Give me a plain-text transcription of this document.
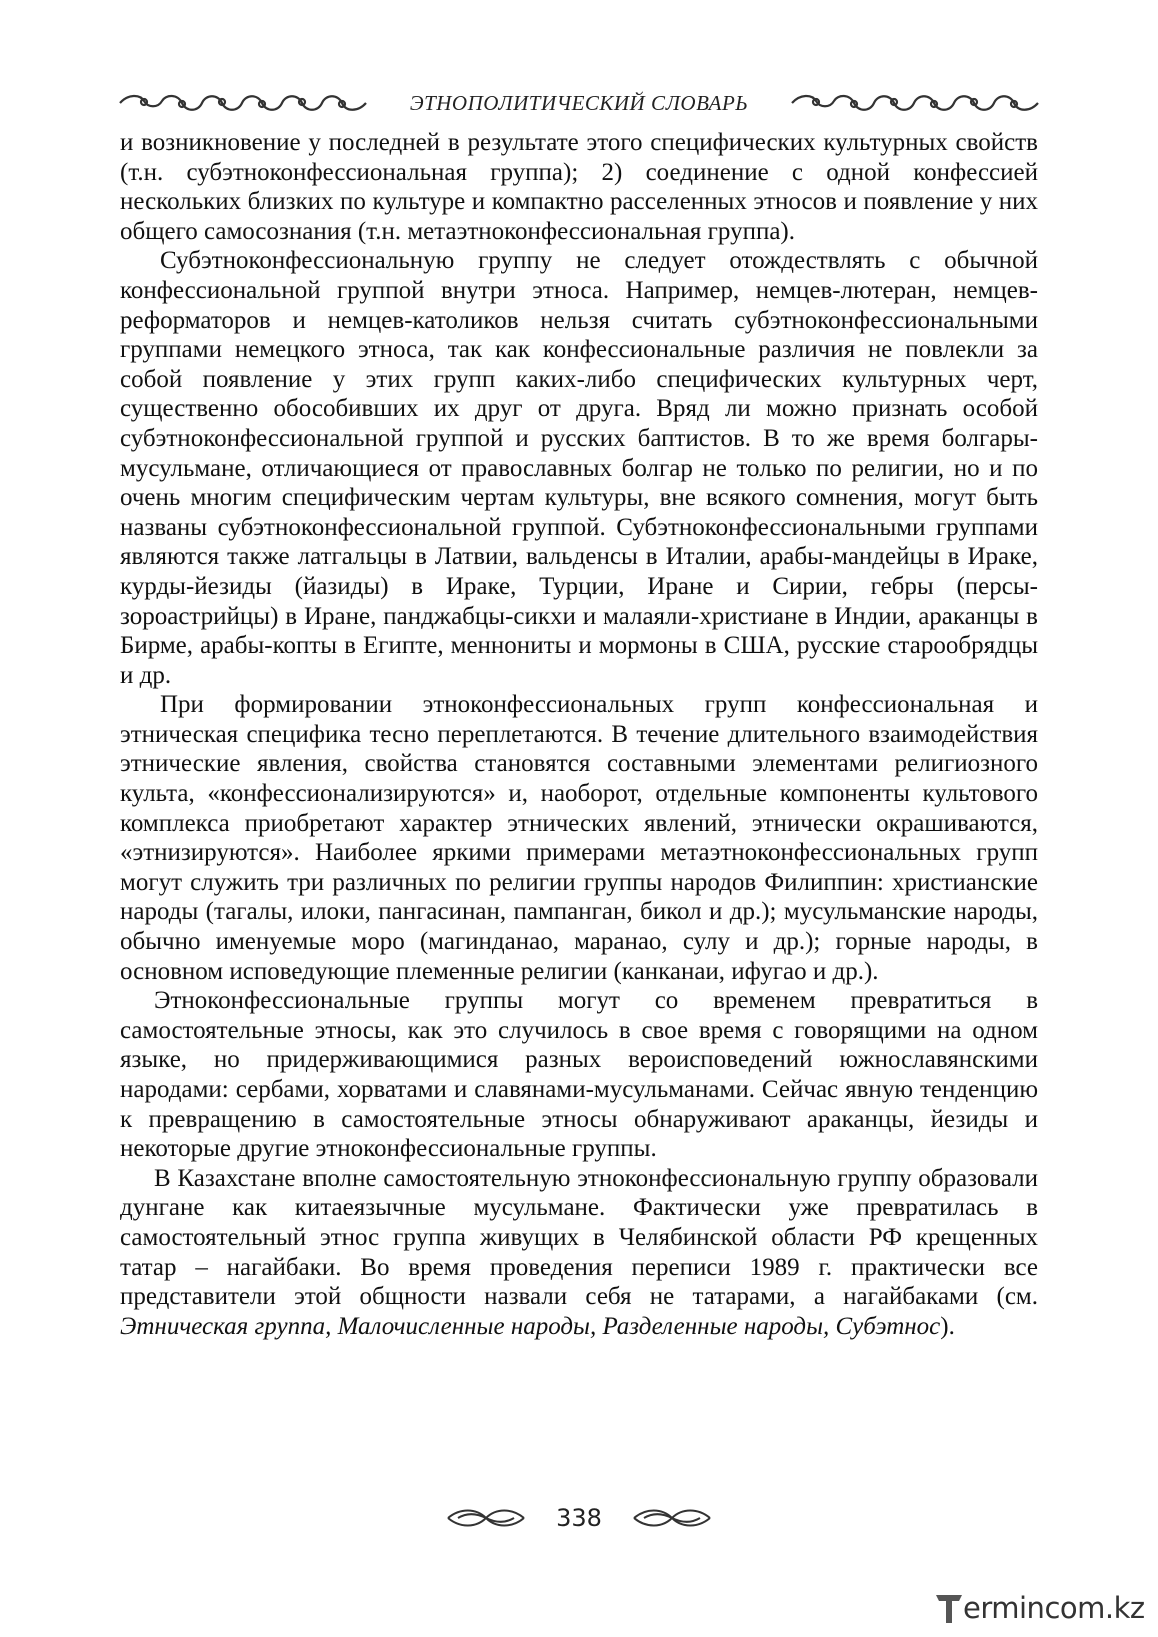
ЭТНОПОЛИТИЧЕСКИЙ СЛОВАРЬ

и возникновение у последней в результате этого специфических культурных свойств (т.н. субэтноконфессиональная группа); 2) соединение с одной конфессией нескольких близких по культуре и компактно расселенных этносов и появление у них общего самосознания (т.н. метаэтноконфессиональная группа).

Субэтноконфессиональную группу не следует отождествлять с обычной конфессиональной группой внутри этноса. Например, немцев-лютеран, немцев-реформаторов и немцев-католиков нельзя считать субэтноконфессиональными группами немецкого этноса, так как конфессиональные различия не повлекли за собой появление у этих групп каких-либо специфических культурных черт, существенно обособивших их друг от друга. Вряд ли можно признать особой субэтноконфессиональной группой и русских баптистов. В то же время болгары-мусульмане, отличающиеся от православных болгар не только по религии, но и по очень многим специфическим чертам культуры, вне всякого сомнения, могут быть названы субэтноконфессиональной группой. Субэтноконфессиональными группами являются также латгальцы в Латвии, вальденсы в Италии, арабы-мандейцы в Ираке, курды-йезиды (йазиды) в Ираке, Турции, Иране и Сирии, гебры (персы-зороастрийцы) в Иране, панджабцы-сикхи и малаяли-христиане в Индии, араканцы в Бирме, арабы-копты в Египте, меннониты и мормоны в США, русские старообрядцы и др.

При формировании этноконфессиональных групп конфессиональная и этническая специфика тесно переплетаются. В течение длительного взаимодействия этнические явления, свойства становятся составными элементами религиозного культа, «конфессионализируются» и, наоборот, отдельные компоненты культового комплекса приобретают характер этнических явлений, этнически окрашиваются, «этнизируются». Наиболее яркими примерами метаэтноконфессиональных групп могут служить три различных по религии группы народов Филиппин: христианские народы (тагалы, илоки, пангасинан, пампанган, бикол и др.); мусульманские народы, обычно именуемые моро (магинданао, маранао, сулу и др.); горные народы, в основном исповедующие племенные религии (канканаи, ифугао и др.).

Этноконфессиональные группы могут со временем превратиться в самостоятельные этносы, как это случилось в свое время с говорящими на одном языке, но придерживающимися разных вероисповедений южнославянскими народами: сербами, хорватами и славянами-мусульманами. Сейчас явную тенденцию к превращению в самостоятельные этносы обнаруживают араканцы, йезиды и некоторые другие этноконфессиональные группы.

В Казахстане вполне самостоятельную этноконфессиональную группу образовали дунгане как китаеязычные мусульмане. Фактически уже превратилась в самостоятельный этнос группа живущих в Челябинской области РФ крещенных татар – нагайбаки. Во время проведения переписи 1989 г. практически все представители этой общности назвали себя не татарами, а нагайбаками (см. Этническая группа, Малочисленные народы, Разделенные народы, Субэтнос).

338
ermincom.kz
